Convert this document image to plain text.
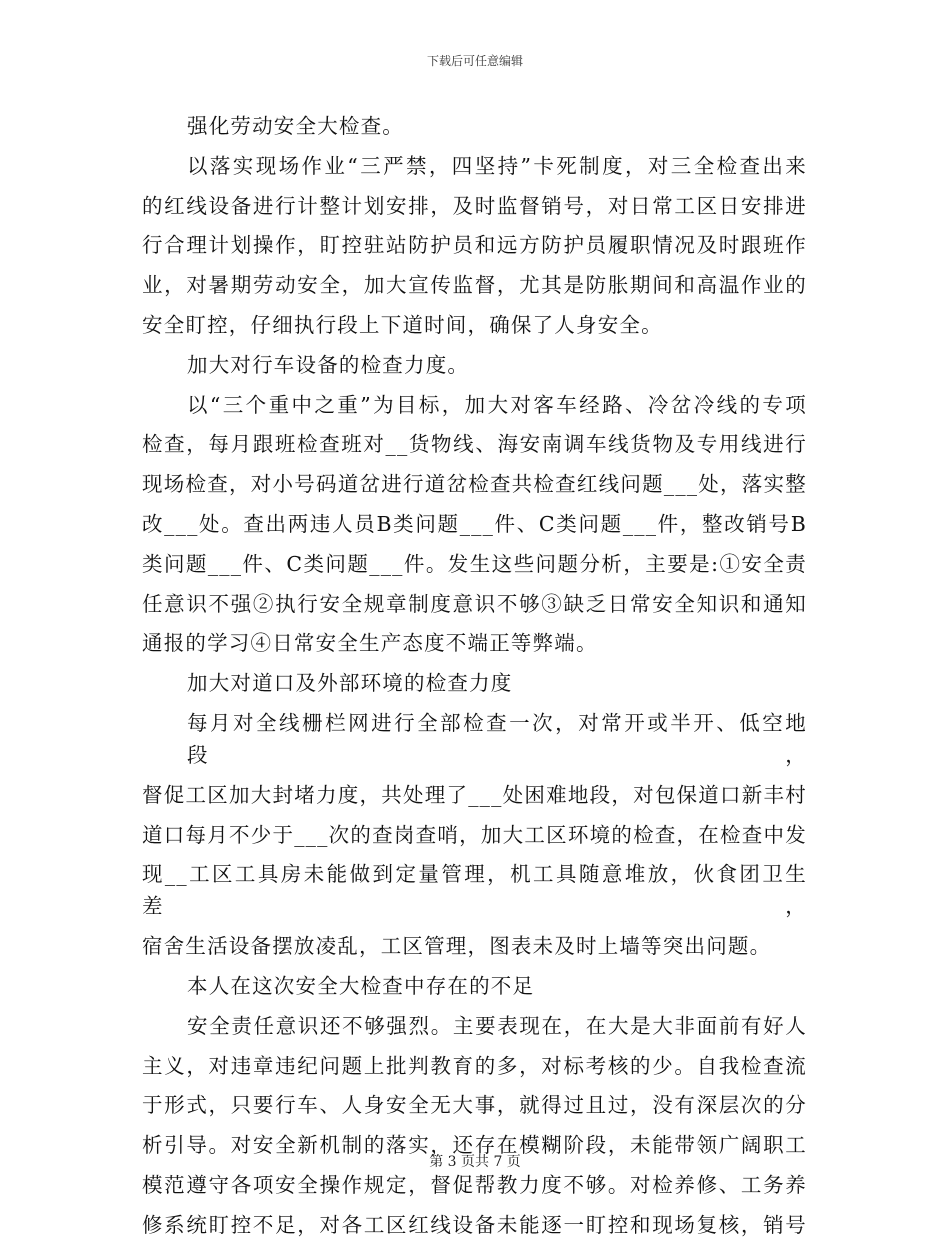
下载后可任意编辑
强化劳动安全大检查。
以落实现场作业“三严禁，四坚持”卡死制度，对三全检查出来
的红线设备进行计整计划安排，及时监督销号，对日常工区日安排进
行合理计划操作，盯控驻站防护员和远方防护员履职情况及时跟班作
业，对暑期劳动安全，加大宣传监督，尤其是防胀期间和高温作业的
安全盯控，仔细执行段上下道时间，确保了人身安全。
加大对行车设备的检查力度。
以“三个重中之重”为目标，加大对客车经路、冷岔冷线的专项
检查，每月跟班检查班对__货物线、海安南调车线货物及专用线进行
现场检查，对小号码道岔进行道岔检查共检查红线问题___处，落实整
改___处。查出两违人员B类问题___件、C类问题___件，整改销号B
类问题___件、C类问题___件。发生这些问题分析，主要是:①安全责
任意识不强②执行安全规章制度意识不够③缺乏日常安全知识和通知
通报的学习④日常安全生产态度不端正等弊端。
加大对道口及外部环境的检查力度
每月对全线栅栏网进行全部检查一次，对常开或半开、低空地段，
督促工区加大封堵力度，共处理了___处困难地段，对包保道口新丰村
道口每月不少于___次的查岗查哨，加大工区环境的检查，在检查中发
现__工区工具房未能做到定量管理，机工具随意堆放，伙食团卫生差，
宿舍生活设备摆放凌乱，工区管理，图表未及时上墙等突出问题。
本人在这次安全大检查中存在的不足
安全责任意识还不够强烈。主要表现在，在大是大非面前有好人
主义，对违章违纪问题上批判教育的多，对标考核的少。自我检查流
于形式，只要行车、人身安全无大事，就得过且过，没有深层次的分
析引导。对安全新机制的落实，还存在模糊阶段，未能带领广阔职工
模范遵守各项安全操作规定，督促帮教力度不够。对检养修、工务养
修系统盯控不足，对各工区红线设备未能逐一盯控和现场复核，销号
第 3 页共 7 页
